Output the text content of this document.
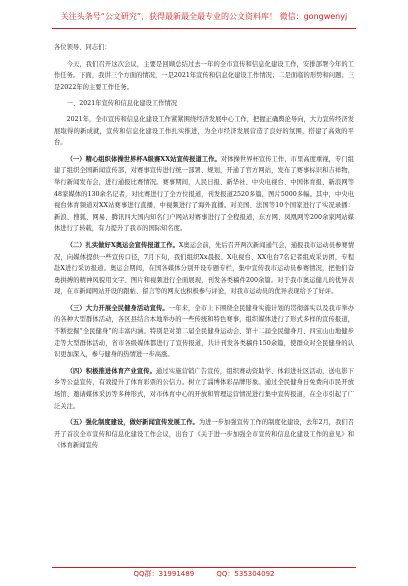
关注头条号“公文研究”，获得最新最全最专业的公文资料库！ 微信：gongwenyj

各位领导、同志们：

今天，我们召开这次会议，主要是回顾总结过去一年的全市宣传和信息化建设工作，安排部署今年的工作任务。下面，我讲三个方面的情况，一是2021年宣传和信息化建设工作情况；二是面临的形势和问题；三是2022年的主要工作任务。

一、2021年宣传和信息化建设工作情况

2021年，全市宣传和信息化建设工作紧紧围绕经济发展中心工作，把握正确舆论导向，大力宣传经济发展取得的新成就，宣传和信息化建设工作扎实推进，为全市经济发展营造了良好的氛围，搭建了高效的平台。

（一）精心组织体操世界杯A级赛XX站宣传报道工作。对体操世界杯宣传工作，市里高度重视，专门组建了组织全国新闻宣传部，对赛事宣传进行统一部署、规划，开通了官方网站，发布了赛事标识和吉祥物，举行新闻发布会，进行通报比赛情况。赛事期间，人民日报、新华社、中央电视台、中国体育报、新浪网等48家媒体的130余名记者，对比赛进行了全方位报道，刊发报道2520多篇，图片5000多幅。其中，中央电视台体育频道对XX站赛事进行直播，中视频进行了海外直播。对美国、法国等10个国家进行了实况录播：新浪、搜狐、网易、腾讯四大国内知名门户网站对赛事进行了全程报道，东方网、凤凰网等200余家网站媒体进行了转载，有力提升了我市的国际知名度。

（二）扎实做好X奥运会宣传报道工作。X奥运会前，先后召开两次新闻通气会，通报我市运动员参赛情况，向媒体提供一些宣传口径，7月下旬，我们组织Xx晨报、X电视台、XX电台7名记者组成采访团，专程赴X进行采访报道。奥运会期间，在国各媒体分别开设专题专栏，集中宣传我市运动员参赛情况，把他们奋勇拼搏的精神风貌用文字、图片和视频进行全面展现，刊发各类稿件200余篇。对于我市奥运健儿的优异表现，在市新闻网站开设的跟帖、留言等的网友也积极参与评论，对我市运动员的优异表现给予了好评。

（三）大力开展全民健身活动宣传。一年来，全市上下围绕全民健身实施计划的贯彻落实以及我市举办的各种大型群体活动，各区县结合本地举办的一些传统和特色赛事，组织媒体进行了形式多样的宣传报道，不断挖掘“全民健身”的丰富内涵。特别是对第二届全民健身运动会、第十二届全民健身月、四宝山山地健步走等大型群体活动，省市各级媒体都进行了宣传报道，共计刊发各类稿件150余篇，使群众对全民健身的认识更加深入，参与健身的热情进一步高涨。

（四）积极推进体育产业宣传。通过实施营销广告宣传，组织赛动资助学、体彩进社区活动，送电影下乡等公益宣传，有效提升了体育彩票的公信力。树立了淄博体彩品牌形象。通过全民健身日免费向市民开放场馆、邀请媒体采访等多种形式，对市体育中心的开放和管理运营情况进行集中宣传报道，在全市引起了广泛关注。

（五）强化制度建设，做好新闻宣传发展工作。为进一步加强宣传工作的制度化建设，去年2月，我们召开了首次全市宣传和信息化建设工作会议，出台了《关于进一步加强全市宣传和信息化建设工作的意见》和《体育新闻宣传

QQ群：31991489	QQ：535304092
